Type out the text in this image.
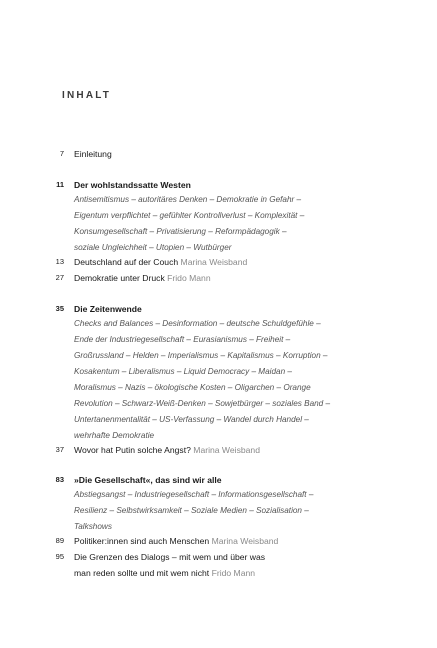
INHALT
7 Einleitung
11 Der wohlstandssatte Westen
Antisemitismus – autoritäres Denken – Demokratie in Gefahr –
Eigentum verpflichtet – gefühlter Kontrollverlust – Komplexität –
Konsumgesellschaft – Privatisierung – Reformpädagogik –
soziale Ungleichheit – Utopien – Wutbürger
13 Deutschland auf der Couch Marina Weisband
27 Demokratie unter Druck Frido Mann
35 Die Zeitenwende
Checks and Balances – Desinformation – deutsche Schuldgefühle –
Ende der Industriegesellschaft – Eurasianismus – Freiheit –
Großrussland – Helden – Imperialismus – Kapitalismus – Korruption –
Kosakentum – Liberalismus – Liquid Democracy – Maidan –
Moralismus – Nazis – ökologische Kosten – Oligarchen – Orange
Revolution – Schwarz-Weiß-Denken – Sowjetbürger – soziales Band –
Untertanenmentalität – US-Verfassung – Wandel durch Handel –
wehrhafte Demokratie
37 Wovor hat Putin solche Angst? Marina Weisband
83 »Die Gesellschaft«, das sind wir alle
Abstiegsangst – Industriegesellschaft – Informationsgesellschaft –
Resilienz – Selbstwirksamkeit – Soziale Medien – Sozialisation –
Talkshows
89 Politiker:innen sind auch Menschen Marina Weisband
95 Die Grenzen des Dialogs – mit wem und über was
man reden sollte und mit wem nicht Frido Mann
